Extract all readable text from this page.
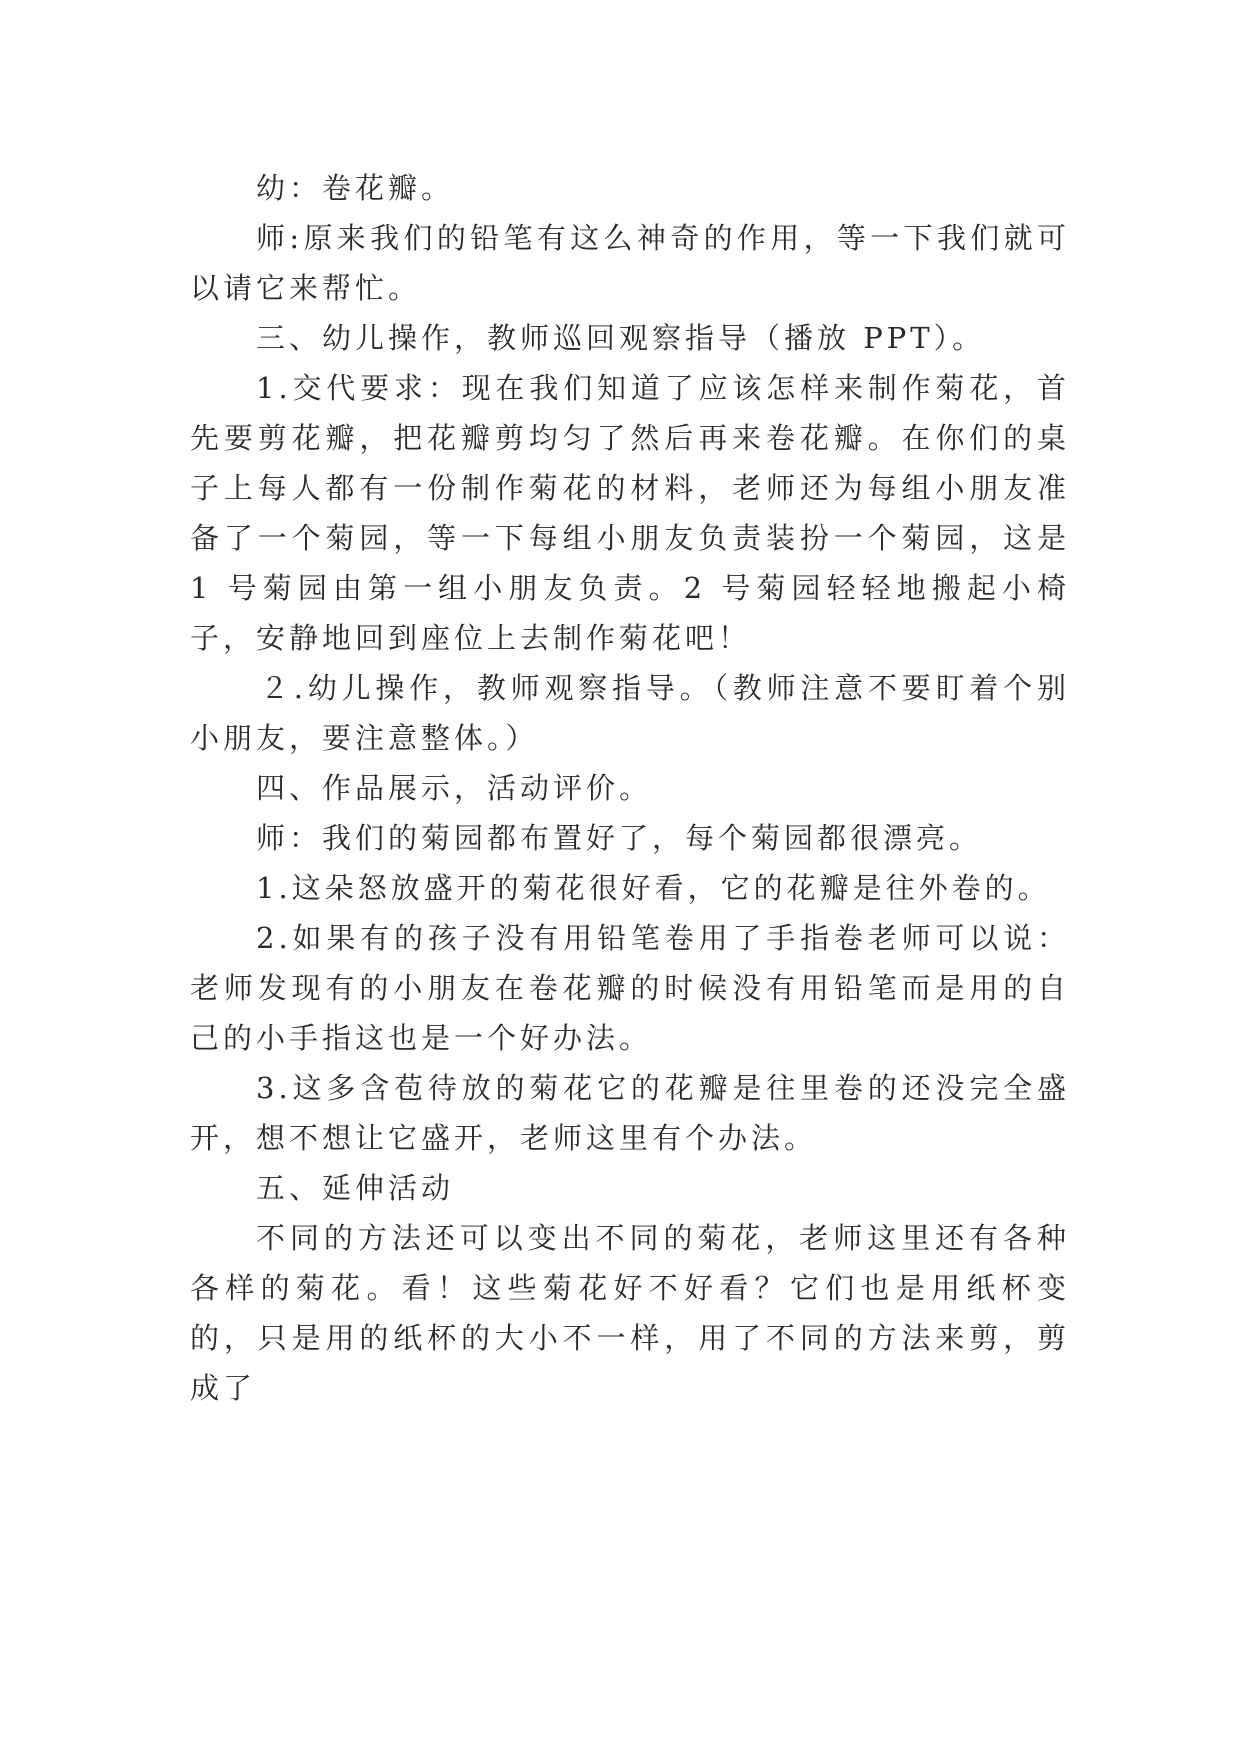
幼：卷花瓣。

师:原来我们的铅笔有这么神奇的作用，等一下我们就可以请它来帮忙。

三、幼儿操作，教师巡回观察指导（播放 PPT）。

1.交代要求：现在我们知道了应该怎样来制作菊花，首先要剪花瓣，把花瓣剪均匀了然后再来卷花瓣。在你们的桌子上每人都有一份制作菊花的材料，老师还为每组小朋友准备了一个菊园，等一下每组小朋友负责装扮一个菊园，这是 1 号菊园由第一组小朋友负责。2 号菊园轻轻地搬起小椅子，安静地回到座位上去制作菊花吧！

２.幼儿操作，教师观察指导。（教师注意不要盯着个别小朋友，要注意整体。）

四、作品展示，活动评价。

师：我们的菊园都布置好了，每个菊园都很漂亮。

1.这朵怒放盛开的菊花很好看，它的花瓣是往外卷的。

2.如果有的孩子没有用铅笔卷用了手指卷老师可以说：老师发现有的小朋友在卷花瓣的时候没有用铅笔而是用的自己的小手指这也是一个好办法。

3.这多含苞待放的菊花它的花瓣是往里卷的还没完全盛开，想不想让它盛开，老师这里有个办法。

五、延伸活动

不同的方法还可以变出不同的菊花，老师这里还有各种各样的菊花。看！这些菊花好不好看？它们也是用纸杯变的，只是用的纸杯的大小不一样，用了不同的方法来剪，剪成了
